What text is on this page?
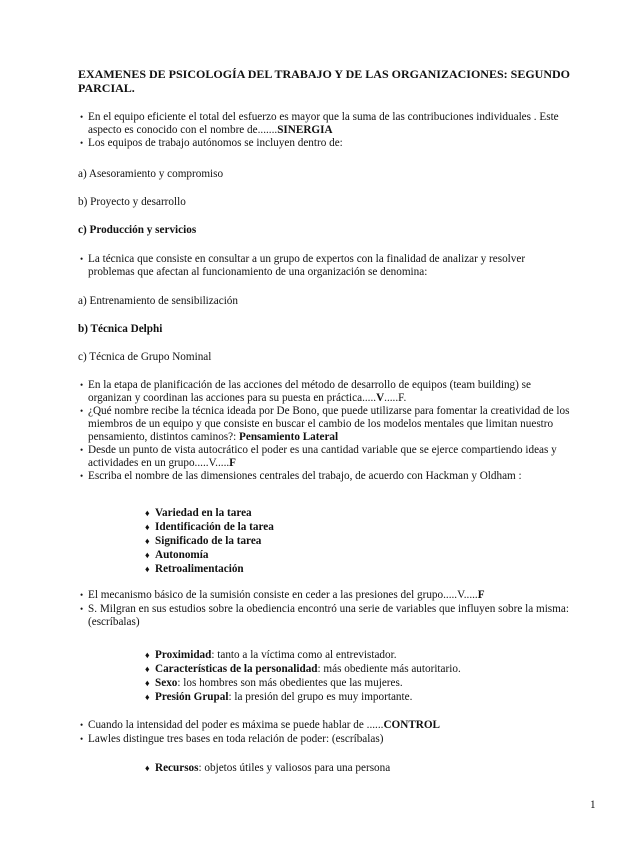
EXAMENES DE PSICOLOGÍA DEL TRABAJO Y DE LAS ORGANIZACIONES: SEGUNDO
PARCIAL.
• En el equipo eficiente el total del esfuerzo es mayor que la suma de las contribuciones individuales . Este
aspecto es conocido con el nombre de.......SINERGIA
• Los equipos de trabajo autónomos se incluyen dentro de:
a) Asesoramiento y compromiso
b) Proyecto y desarrollo
c) Producción y servicios
• La técnica que consiste en consultar a un grupo de expertos con la finalidad de analizar y resolver
problemas que afectan al funcionamiento de una organización se denomina:
a) Entrenamiento de sensibilización
b) Técnica Delphi
c) Técnica de Grupo Nominal
• En la etapa de planificación de las acciones del método de desarrollo de equipos (team building) se
organizan y coordinan las acciones para su puesta en práctica.....V.....F.
• ¿Qué nombre recibe la técnica ideada por De Bono, que puede utilizarse para fomentar la creatividad de los
miembros de un equipo y que consiste en buscar el cambio de los modelos mentales que limitan nuestro
pensamiento, distintos caminos?: Pensamiento Lateral
• Desde un punto de vista autocrático el poder es una cantidad variable que se ejerce compartiendo ideas y
actividades en un grupo.....V.....F
• Escriba el nombre de las dimensiones centrales del trabajo, de acuerdo con Hackman y Oldham :
♦ Variedad en la tarea
♦ Identificación de la tarea
♦ Significado de la tarea
♦ Autonomía
♦ Retroalimentación
• El mecanismo básico de la sumisión consiste en ceder a las presiones del grupo.....V.....F
• S. Milgran en sus estudios sobre la obediencia encontró una serie de variables que influyen sobre la misma:
(escríbalas)
♦ Proximidad: tanto a la víctima como al entrevistador.
♦ Características de la personalidad: más obediente más autoritario.
♦ Sexo: los hombres son más obedientes que las mujeres.
♦ Presión Grupal: la presión del grupo es muy importante.
• Cuando la intensidad del poder es máxima se puede hablar de ......CONTROL
• Lawles distingue tres bases en toda relación de poder: (escríbalas)
♦ Recursos: objetos útiles y valiosos para una persona
1
